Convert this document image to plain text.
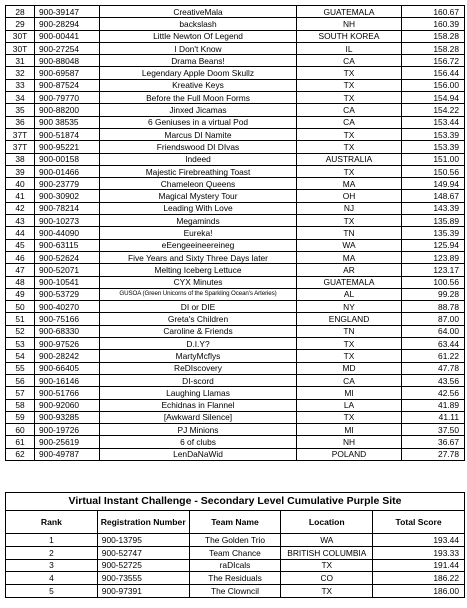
28	900-39147	CreativeMala	GUATEMALA	160.67
29	900-28294	backslash	NH	160.39
30T	900-00441	Little Newton Of Legend	SOUTH KOREA	158.28
30T	900-27254	I Don't Know	IL	158.28
31	900-88048	Drama Beans!	CA	156.72
32	900-69587	Legendary Apple Doom Skullz	TX	156.44
33	900-87524	Kreative Keys	TX	156.00
34	900-79770	Before the Full Moon Forms	TX	154.94
35	900-88200	Jinxed Jicamas	CA	154.22
36	900 38535	6 Geniuses in a virtual Pod	CA	153.44
37T	900-51874	Marcus DI Namite	TX	153.39
37T	900-95221	Friendswood DI DIvas	TX	153.39
38	900-00158	Indeed	AUSTRALIA	151.00
39	900-01466	Majestic Firebreathing Toast	TX	150.56
40	900-23779	Chameleon Queens	MA	149.94
41	900-30902	Magical Mystery Tour	OH	148.67
42	900-78214	Leading With Love	NJ	143.39
43	900-10273	Megaminds	TX	135.89
44	900-44090	Eureka!	TN	135.39
45	900-63115	eEengeeineereineg	WA	125.94
46	900-52624	Five Years and Sixty Three Days later	MA	123.89
47	900-52071	Melting Iceberg Lettuce	AR	123.17
48	900-10541	CYX Minutes	GUATEMALA	100.56
49	900-53729	GUSOA (Green Unicorns of the Sparkling Ocean's Arteries)	AL	99.28
50	900-40270	DI or DIE	NY	88.78
51	900-75166	Greta's Children	ENGLAND	87.00
52	900-68330	Caroline & Friends	TN	64.00
53	900-97526	D.I.Y?	TX	63.44
54	900-28242	MartyMcflys	TX	61.22
55	900-66405	ReDIscovery	MD	47.78
56	900-16146	DI-scord	CA	43.56
57	900-51766	Laughing Llamas	MI	42.56
58	900-92060	Echidnas in Flannel	LA	41.89
59	900-93285	[Awkward Silence]	TX	41.11
60	900-19726	PJ Minions	MI	37.50
61	900-25619	6 of clubs	NH	36.67
62	900-49787	LenDaNaWid	POLAND	27.78
Virtual Instant Challenge - Secondary Level Cumulative Purple Site				
Rank	Registration Number	Team Name	Location	Total Score
1	900-13795	The Golden Trio	WA	193.44
2	900-52747	Team Chance	BRITISH COLUMBIA	193.33
3	900-52725	raDIcals	TX	191.44
4	900-73555	The Residuals	CO	186.22
5	900-97391	The Clowncil	TX	186.00
